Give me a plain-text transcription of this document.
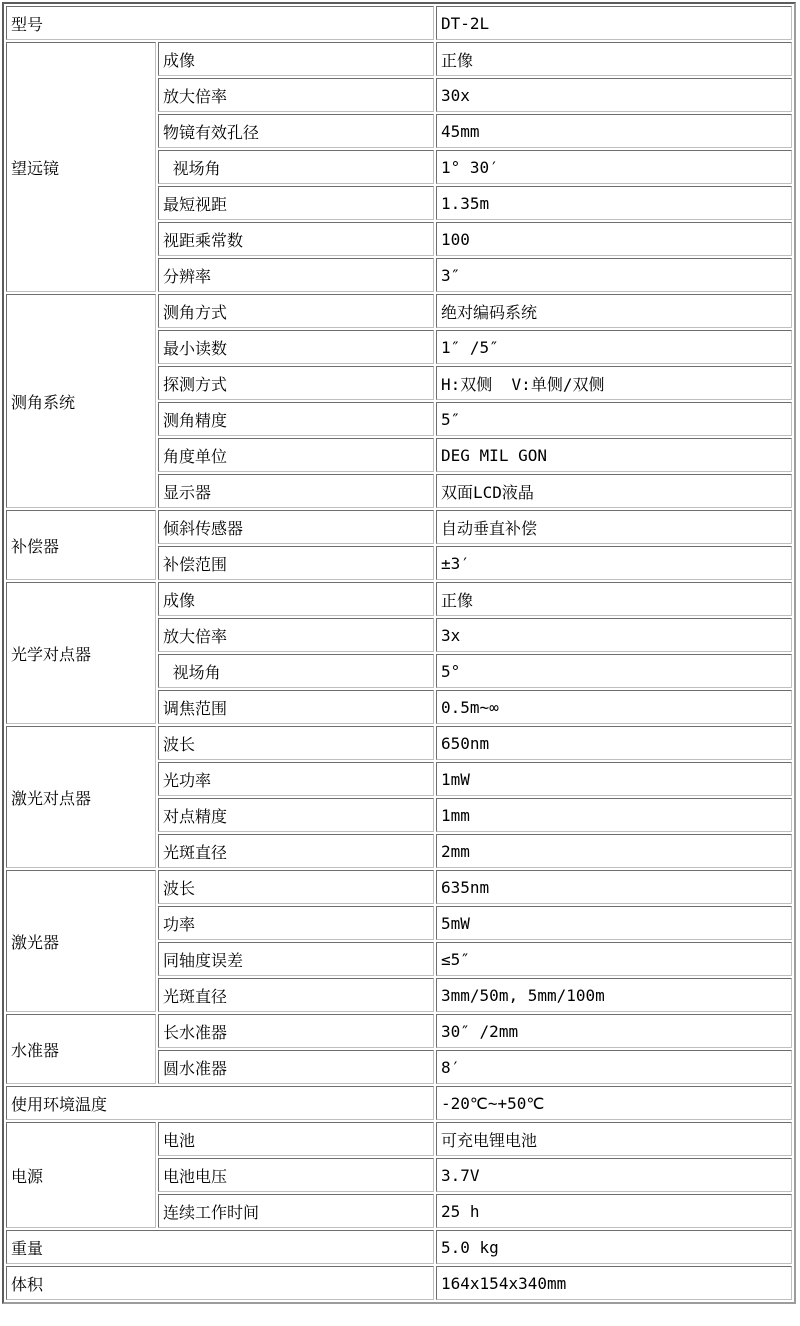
型号		DT-2L
望远镜	成像	正像
	放大倍率	30x
	物镜有效孔径	45mm
	视场角	1° 30′
	最短视距	1.35m
	视距乘常数	100
	分辨率	3″
测角系统	测角方式	绝对编码系统
	最小读数	1″ /5″
	探测方式	H:双侧  V:单侧/双侧
	测角精度	5″
	角度单位	DEG MIL GON
	显示器	双面LCD液晶
补偿器	倾斜传感器	自动垂直补偿
	补偿范围	±3′
光学对点器	成像	正像
	放大倍率	3x
	视场角	5°
	调焦范围	0.5m~∞
激光对点器	波长	650nm
	光功率	1mW
	对点精度	1mm
	光斑直径	2mm
激光器	波长	635nm
	功率	5mW
	同轴度误差	≤5″
	光斑直径	3mm/50m, 5mm/100m
水准器	长水准器	30″ /2mm
	圆水准器	8′
使用环境温度		-20℃~+50℃
电源	电池	可充电锂电池
	电池电压	3.7V
	连续工作时间	25 h
重量		5.0 kg
体积		164x154x340mm
